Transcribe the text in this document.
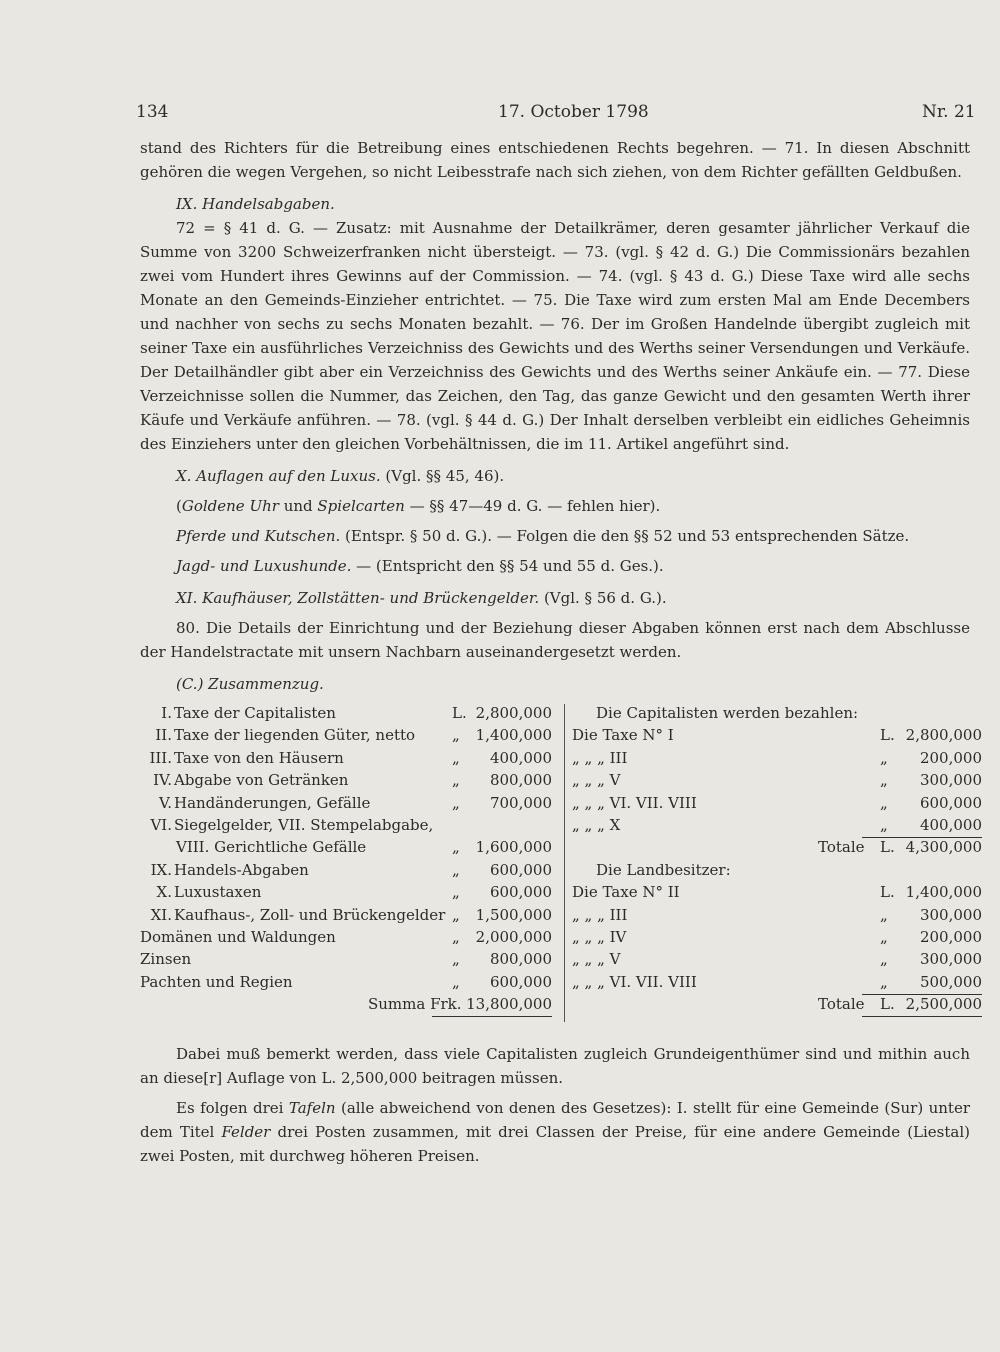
134	17. October 1798	Nr. 21

stand des Richters für die Betreibung eines entschiedenen Rechts begehren. — 71. In diesen Abschnitt gehören die wegen Vergehen, so nicht Leibesstrafe nach sich ziehen, von dem Richter gefällten Geldbußen.

IX. Handelsabgaben.

72 = § 41 d. G. — Zusatz: mit Ausnahme der Detailkrämer, deren gesamter jährlicher Verkauf die Summe von 3200 Schweizerfranken nicht übersteigt. — 73. (vgl. § 42 d. G.) Die Commissionärs bezahlen zwei vom Hundert ihres Gewinns auf der Commission. — 74. (vgl. § 43 d. G.) Diese Taxe wird alle sechs Monate an den Gemeinds-Einzieher entrichtet. — 75. Die Taxe wird zum ersten Mal am Ende Decembers und nachher von sechs zu sechs Monaten bezahlt. — 76. Der im Großen Handelnde übergibt zugleich mit seiner Taxe ein ausführliches Verzeichniss des Gewichts und des Werths seiner Versendungen und Verkäufe. Der Detailhändler gibt aber ein Verzeichniss des Gewichts und des Werths seiner Ankäufe ein. — 77. Diese Verzeichnisse sollen die Nummer, das Zeichen, den Tag, das ganze Gewicht und den gesamten Werth ihrer Käufe und Verkäufe anführen. — 78. (vgl. § 44 d. G.) Der Inhalt derselben verbleibt ein eidliches Geheimnis des Einziehers unter den gleichen Vorbehältnissen, die im 11. Artikel angeführt sind.

X. Auflagen auf den Luxus. (Vgl. §§ 45, 46).

(Goldene Uhr und Spielcarten — §§ 47—49 d. G. — fehlen hier).

Pferde und Kutschen. (Entspr. § 50 d. G.). — Folgen die den §§ 52 und 53 entsprechenden Sätze.

Jagd- und Luxushunde. — (Entspricht den §§ 54 und 55 d. Ges.).

XI. Kaufhäuser, Zollstätten- und Brückengelder. (Vgl. § 56 d. G.).

80. Die Details der Einrichtung und der Beziehung dieser Abgaben können erst nach dem Abschlusse der Handelstractate mit unsern Nachbarn auseinandergesetzt werden.

(C.) Zusammenzug.

I. Taxe der Capitalisten	L. 2,800,000
II. Taxe der liegenden Güter, netto „ 1,400,000
III. Taxe von den Häusern	„ 400,000
IV. Abgabe von Getränken	„ 800,000
V. Handänderungen, Gefälle	„ 700,000
VI. Siegelgelder, VII. Stempelabgabe,
VIII. Gerichtliche Gefälle	„ 1,600,000
IX. Handels-Abgaben	„ 600,000
X. Luxustaxen	„ 600,000
XI. Kaufhaus-, Zoll- und Brückengelder „ 1,500,000
Domänen und Waldungen	„ 2,000,000
Zinsen	„ 800,000
Pachten und Regien	„ 600,000
Summa Frk. 13,800,000
Die Capitalisten werden bezahlen:
Die Taxe N° I	L. 2,800,000
„ „ „ III	„ 200,000
„ „ „ V	„ 300,000
„ „ „ VI. VII. VIII	„ 600,000
„ „ „ X	„ 400,000
Totale L. 4,300,000
Die Landbesitzer:
Die Taxe N° II	L. 1,400,000
„ „ „ III	„ 300,000
„ „ „ IV	„ 200,000
„ „ „ V	„ 300,000
„ „ „ VI. VII. VIII	„ 500,000
Totale L. 2,500,000

Dabei muß bemerkt werden, dass viele Capitalisten zugleich Grundeigenthümer sind und mithin auch an diese[r] Auflage von L. 2,500,000 beitragen müssen.

Es folgen drei Tafeln (alle abweichend von denen des Gesetzes): I. stellt für eine Gemeinde (Sur) unter dem Titel Felder drei Posten zusammen, mit drei Classen der Preise, für eine andere Gemeinde (Liestal) zwei Posten, mit durchweg höheren Preisen.
